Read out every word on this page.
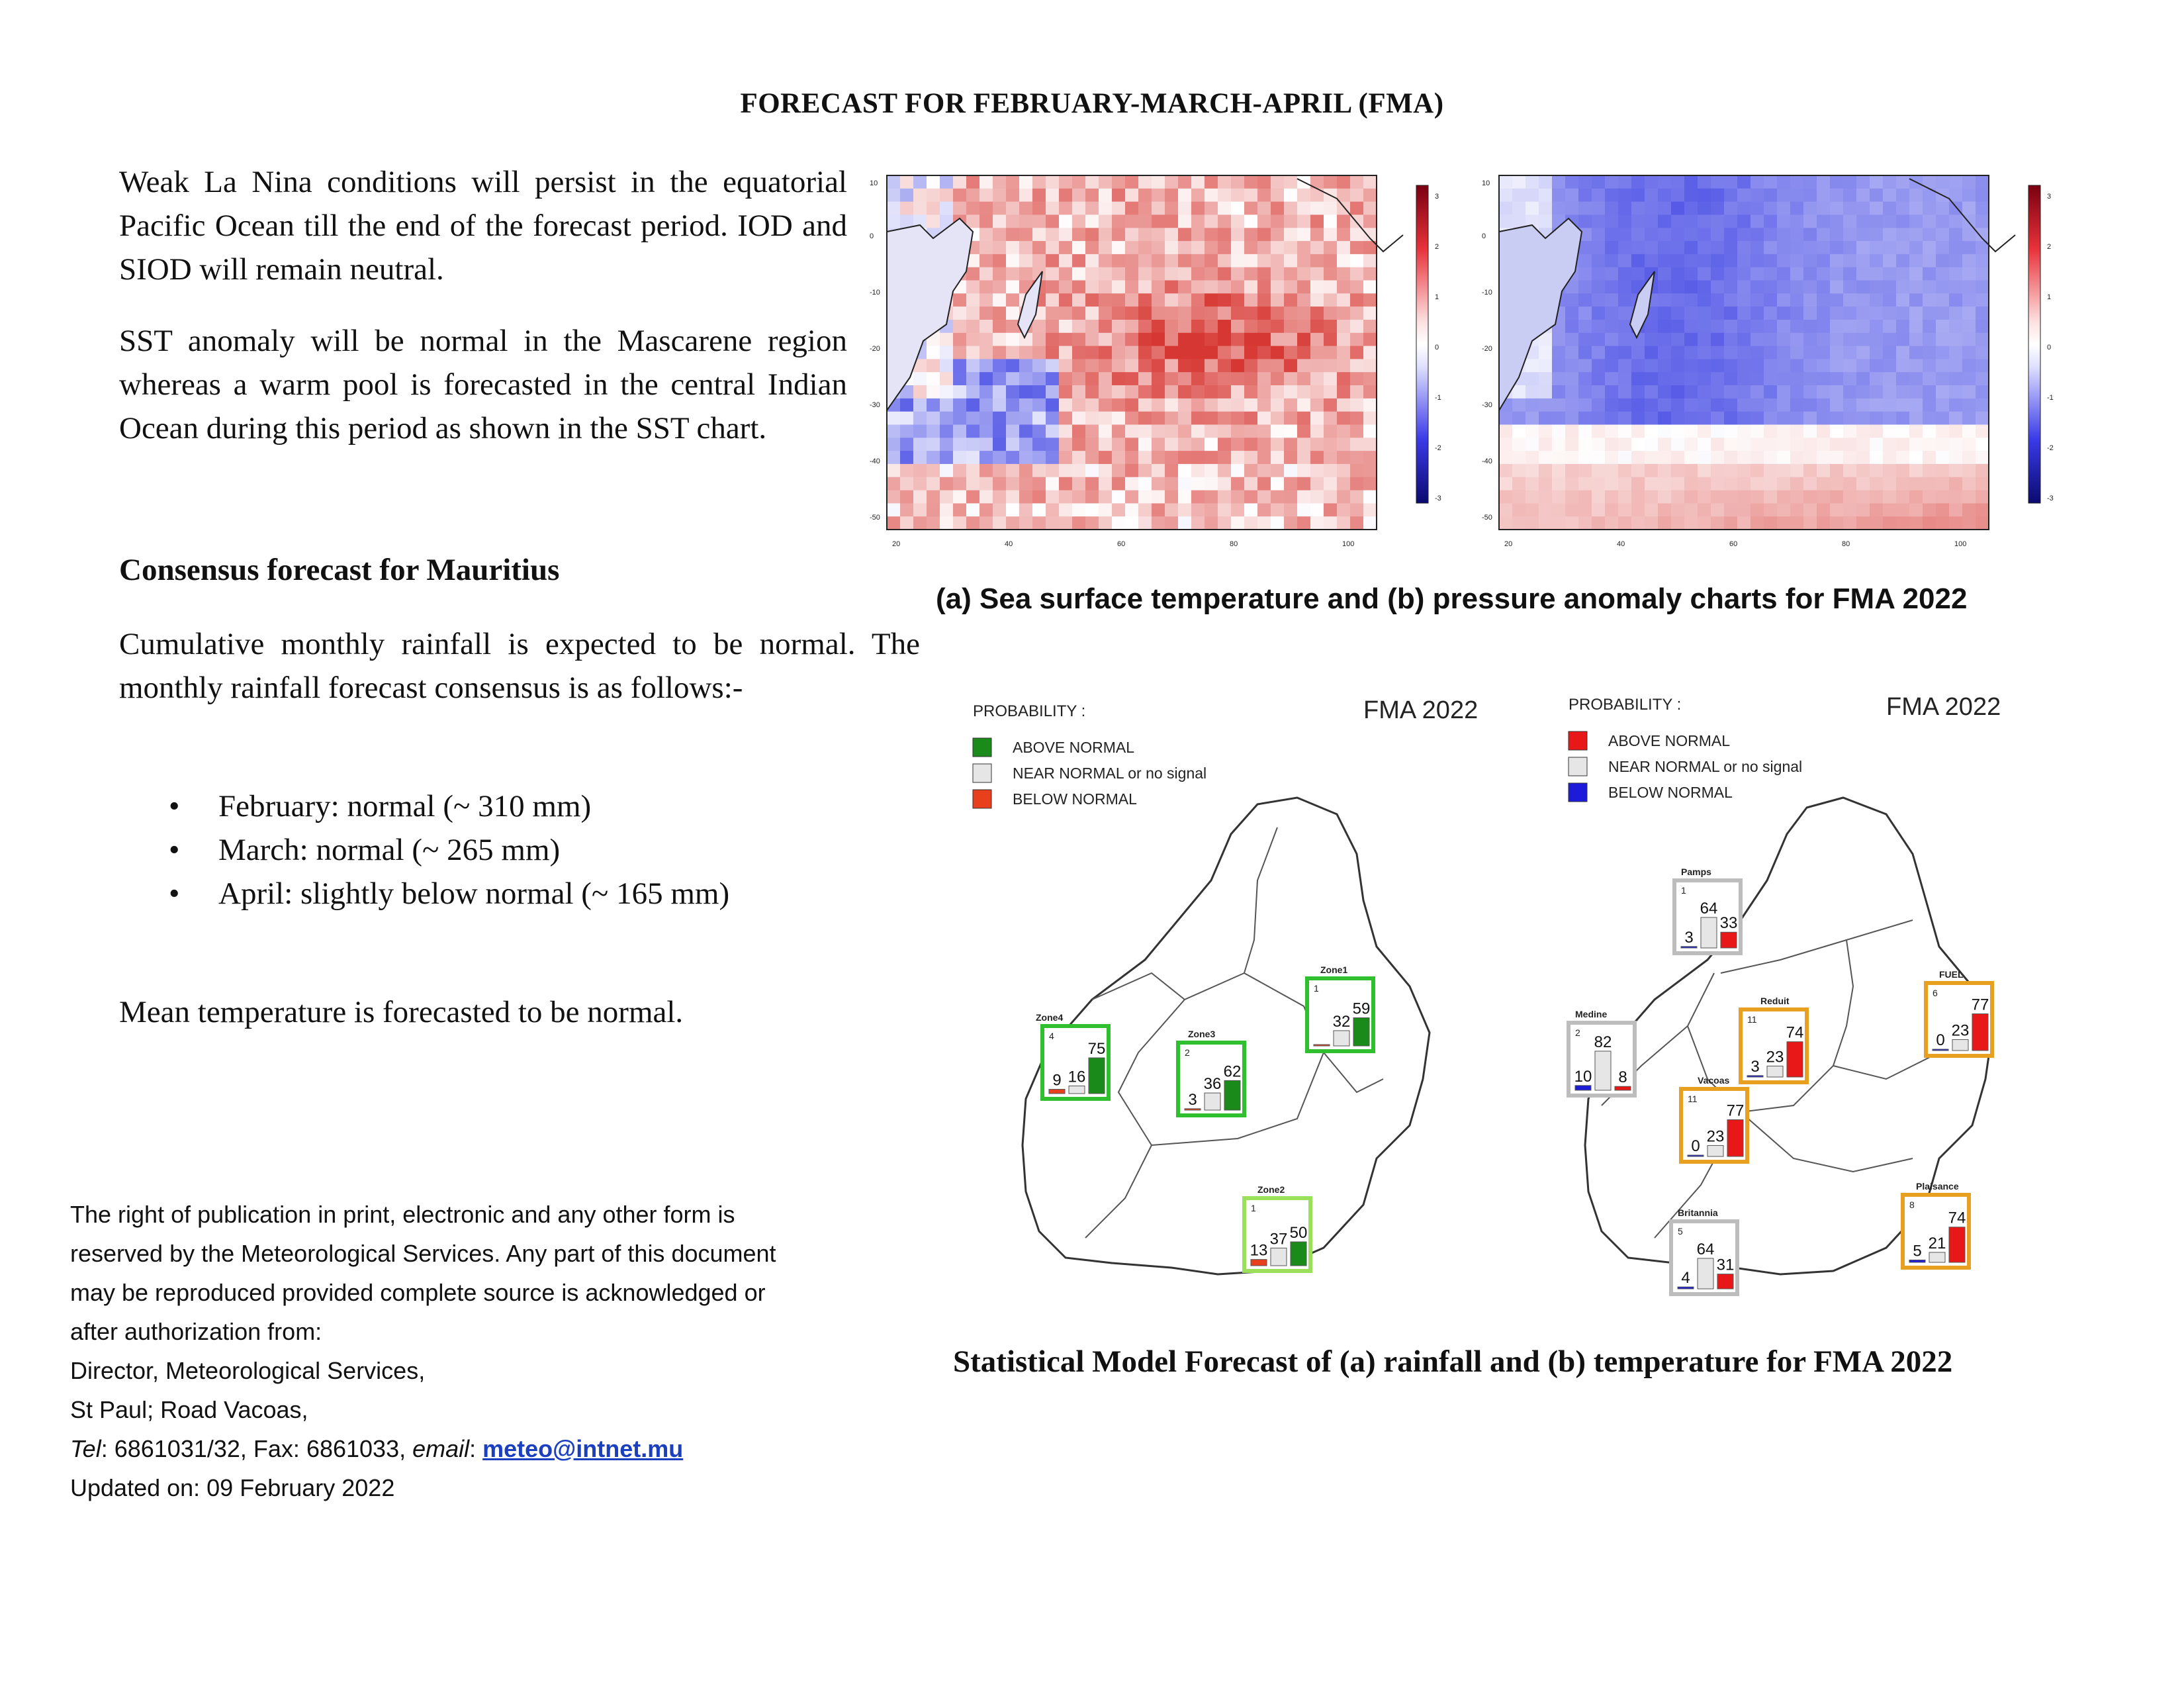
FORECAST FOR FEBRUARY-MARCH-APRIL (FMA)
Weak La Nina conditions will persist in the equatorial Pacific Ocean till the end of the forecast period. IOD and SIOD will remain neutral.
SST anomaly will be normal in the Mascarene region whereas a warm pool is forecasted in the central Indian Ocean during this period as shown in the SST chart.
Consensus forecast for Mauritius
Cumulative monthly rainfall is expected to be normal. The monthly rainfall forecast consensus is as follows:-
• February: normal (~ 310 mm)
• March: normal (~ 265 mm)
• April: slightly below normal (~ 165 mm)
Mean temperature is forecasted to be normal.
The right of publication in print, electronic and any other form is
reserved by the Meteorological Services. Any part of this document
may be reproduced provided complete source is acknowledged or
after authorization from:
Director, Meteorological Services,
St Paul; Road Vacoas,
Tel: 6861031/32, Fax: 6861033, email: meteo@intnet.mu
Updated on: 09 February 2022
3
2
1
0
-1
-2
-3
10
0
-10
-20
-30
-40
-50
20	40	60	80	100
3
2
1
0
-1
-2
-3
10
0
-10
-20
-30
-40
-50
20	40	60	80	100
(a) Sea surface temperature and (b) pressure anomaly charts for FMA 2022
PROBABILITY :	FMA 2022
ABOVE NORMAL
NEAR NORMAL or no signal
BELOW NORMAL
Zone1
1
32
59
Zone4
4
9 16
75
Zone3
2
3
36
62
Zone2
1
13
37 50
PROBABILITY :	FMA 2022
ABOVE NORMAL
NEAR NORMAL or no signal
BELOW NORMAL
Pamps
1
3
64
33
FUEL
6
0
23
77
Medine
2
10
82
8
Reduit
11
3
23
74
Vacoas
11
0
23
77
Britannia
5
4
64
31
Plaisance
8
5 21
74
Statistical Model Forecast of (a) rainfall and (b) temperature for FMA 2022
